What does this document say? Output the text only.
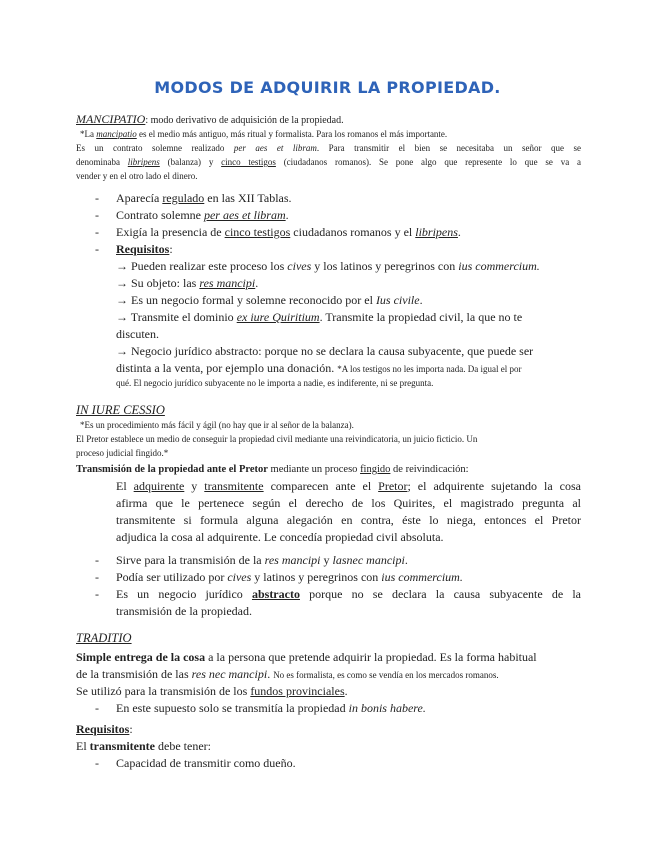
MODOS DE ADQUIRIR LA PROPIEDAD.
MANCIPATIO: modo derivativo de adquisición de la propiedad.
*La mancipatio es el medio más antiguo, más ritual y formalista. Para los romanos el más importante.
Es un contrato solemne realizado per aes et libram. Para transmitir el bien se necesitaba un señor que se
denominaba libripens (balanza) y cinco testigos (ciudadanos romanos). Se pone algo que represente lo que se va a
vender y en el otro lado el dinero.
- Aparecía regulado en las XII Tablas.
- Contrato solemne per aes et libram.
- Exigía la presencia de cinco testigos ciudadanos romanos y el libripens.
- Requisitos:
→ Pueden realizar este proceso los cives y los latinos y peregrinos con ius commercium.
→ Su objeto: las res mancipi.
→ Es un negocio formal y solemne reconocido por el Ius civile.
→ Transmite el dominio ex iure Quiritium. Transmite la propiedad civil, la que no te
discuten.
→ Negocio jurídico abstracto: porque no se declara la causa subyacente, que puede ser
distinta a la venta, por ejemplo una donación. *A los testigos no les importa nada. Da igual el por
qué. El negocio jurídico subyacente no le importa a nadie, es indiferente, ni se pregunta.
IN IURE CESSIO
*Es un procedimiento más fácil y ágil (no hay que ir al señor de la balanza).
El Pretor establece un medio de conseguir la propiedad civil mediante una reivindicatoria, un juicio ficticio. Un
proceso judicial fingido.*
Transmisión de la propiedad ante el Pretor mediante un proceso fingido de reivindicación:
El adquirente y transmitente comparecen ante el Pretor; el adquirente sujetando la cosa
afirma que le pertenece según el derecho de los Quirites, el magistrado pregunta al
transmitente si formula alguna alegación en contra, éste lo niega, entonces el Pretor
adjudica la cosa al adquirente. Le concedía propiedad civil absoluta.
- Sirve para la transmisión de la res mancipi y lasnec mancipi.
- Podía ser utilizado por cives y latinos y peregrinos con ius commercium.
- Es un negocio jurídico abstracto porque no se declara la causa subyacente de la
transmisión de la propiedad.
TRADITIO
Simple entrega de la cosa a la persona que pretende adquirir la propiedad. Es la forma habitual
de la transmisión de las res nec mancipi. No es formalista, es como se vendía en los mercados romanos.
Se utilizó para la transmisión de los fundos provinciales.
- En este supuesto solo se transmitía la propiedad in bonis habere.
Requisitos:
El transmitente debe tener:
- Capacidad de transmitir como dueño.
